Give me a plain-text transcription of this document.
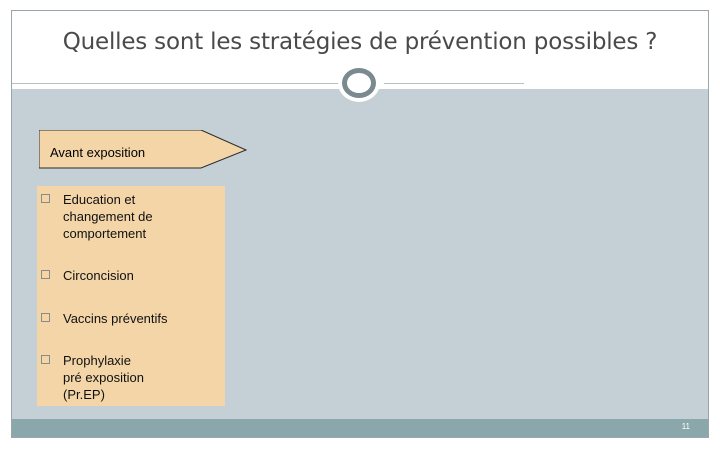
Quelles sont les stratégies de prévention possibles ?
Avant exposition
Education et
changement de
comportement
Circoncision
Vaccins préventifs
Prophylaxie
pré exposition
(Pr.EP)
11
